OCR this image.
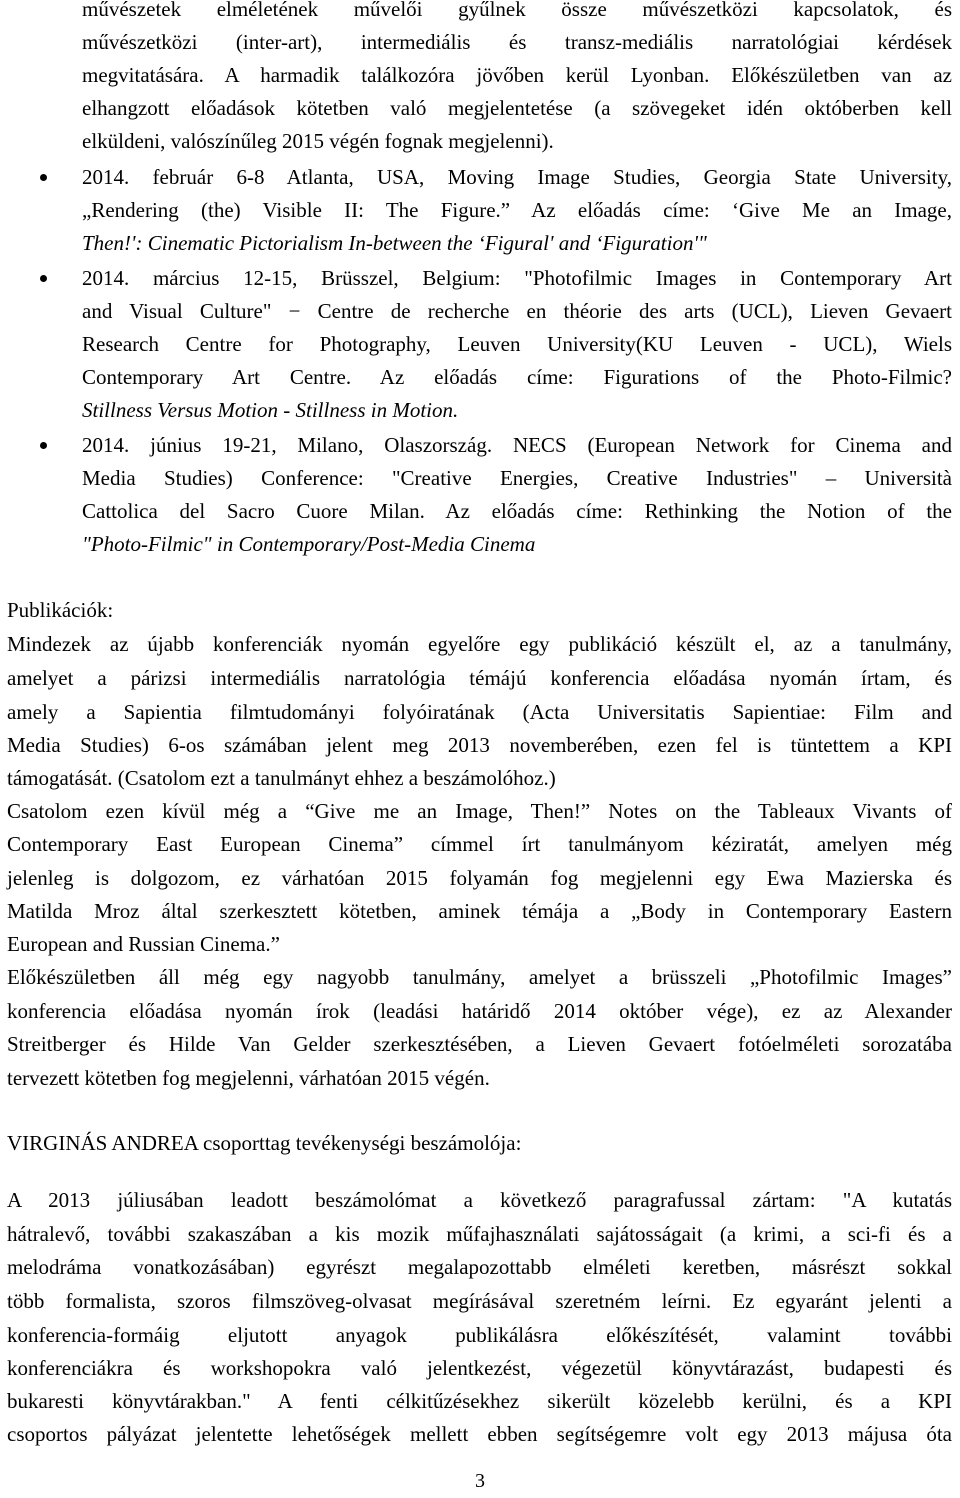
művészetek elméletének művelői gyűlnek össze művészetközi kapcsolatok, és
művészetközi (inter-art), intermediális és transz-mediális narratológiai kérdések
megvitatására. A harmadik találkozóra jövőben kerül Lyonban. Előkészületben van az
elhangzott előadások kötetben való megjelentetése (a szövegeket idén októberben kell
elküldeni, valószínűleg 2015 végén fognak megjelenni).
2014. február 6-8 Atlanta, USA, Moving Image Studies, Georgia State University,
„Rendering (the) Visible II: The Figure.” Az előadás címe: ‘Give Me an Image,
Then!': Cinematic Pictorialism In-between the ‘Figural' and ‘Figuration'"
2014. március 12-15, Brüsszel, Belgium: "Photofilmic Images in Contemporary Art
and Visual Culture" − Centre de recherche en théorie des arts (UCL), Lieven Gevaert
Research Centre for Photography, Leuven University(KU Leuven - UCL), Wiels
Contemporary Art Centre. Az előadás címe: Figurations of the Photo-Filmic?
Stillness Versus Motion - Stillness in Motion.
2014. június 19-21, Milano, Olaszország. NECS (European Network for Cinema and
Media Studies) Conference: "Creative Energies, Creative Industries" – Università
Cattolica del Sacro Cuore Milan. Az előadás címe: Rethinking the Notion of the
"Photo-Filmic" in Contemporary/Post-Media Cinema
Publikációk:
Mindezek az újabb konferenciák nyomán egyelőre egy publikáció készült el, az a tanulmány,
amelyet a párizsi intermediális narratológia témájú konferencia előadása nyomán írtam, és
amely a Sapientia filmtudományi folyóiratának (Acta Universitatis Sapientiae: Film and
Media Studies) 6-os számában jelent meg 2013 novemberében, ezen fel is tüntettem a KPI
támogatását. (Csatolom ezt a tanulmányt ehhez a beszámolóhoz.)
Csatolom ezen kívül még a “Give me an Image, Then!” Notes on the Tableaux Vivants of
Contemporary East European Cinema” címmel írt tanulmányom kéziratát, amelyen még
jelenleg is dolgozom, ez várhatóan 2015 folyamán fog megjelenni egy Ewa Mazierska és
Matilda Mroz által szerkesztett kötetben, aminek témája a „Body in Contemporary Eastern
European and Russian Cinema.”
Előkészületben áll még egy nagyobb tanulmány, amelyet a brüsszeli „Photofilmic Images”
konferencia előadása nyomán írok (leadási határidő 2014 október vége), ez az Alexander
Streitberger és Hilde Van Gelder szerkesztésében, a Lieven Gevaert fotóelméleti sorozatába
tervezett kötetben fog megjelenni, várhatóan 2015 végén.
VIRGINÁS ANDREA csoporttag tevékenységi beszámolója:
A 2013 júliusában leadott beszámolómat a következő paragrafussal zártam: "A kutatás
hátralevő, további szakaszában a kis mozik műfajhasználati sajátosságait (a krimi, a sci-fi és a
melodráma vonatkozásában) egyrészt megalapozottabb elméleti keretben, másrészt sokkal
több formalista, szoros filmszöveg-olvasat megírásával szeretném leírni. Ez egyaránt jelenti a
konferencia-formáig eljutott anyagok publikálásra előkészítését, valamint további
konferenciákra és workshopokra való jelentkezést, végezetül könyvtárazást, budapesti és
bukaresti könyvtárakban." A fenti célkitűzésekhez sikerült közelebb kerülni, és a KPI
csoportos pályázat jelentette lehetőségek mellett ebben segítségemre volt egy 2013 májusa óta
3
